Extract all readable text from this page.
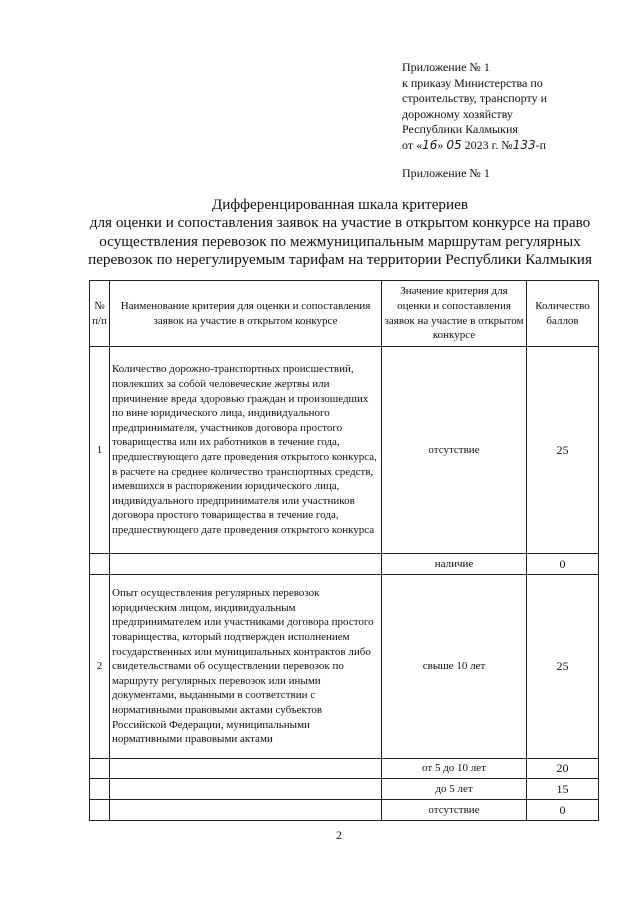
Приложение № 1
к приказу Министерства по
строительству, транспорту и
дорожному хозяйству
Республики Калмыкия
от «16» 05 2023 г. №133-п
Приложение № 1
Дифференцированная шкала критериев
для оценки и сопоставления заявок на участие в открытом конкурсе на право
осуществления перевозок по межмуниципальным маршрутам регулярных
перевозок по нерегулируемым тарифам на территории Республики Калмыкия
№ п/п	Наименование критерия для оценки и сопоставления заявок на участие в открытом конкурсе	Значение критерия для оценки и сопоставления заявок на участие в открытом конкурсе	Количество баллов
1	Количество дорожно-транспортных происшествий, повлекших за собой человеческие жертвы или причинение вреда здоровью граждан и произошедших по вине юридического лица, индивидуального предпринимателя, участников договора простого товарищества или их работников в течение года, предшествующего дате проведения открытого конкурса, в расчете на среднее количество транспортных средств, имевшихся в распоряжении юридического лица, индивидуального предпринимателя или участников договора простого товарищества в течение года, предшествующего дате проведения открытого конкурса	отсутствие	25
		наличие	0
2	Опыт осуществления регулярных перевозок юридическим лицом, индивидуальным предпринимателем или участниками договора простого товарищества, который подтвержден исполнением государственных или муниципальных контрактов либо свидетельствами об осуществлении перевозок по маршруту регулярных перевозок или иными документами, выданными в соответствии с нормативными правовыми актами субъектов Российской Федерации, муниципальными нормативными правовыми актами	свыше 10 лет	25
		от 5 до 10 лет	20
		до 5 лет	15
		отсутствие	0
2
